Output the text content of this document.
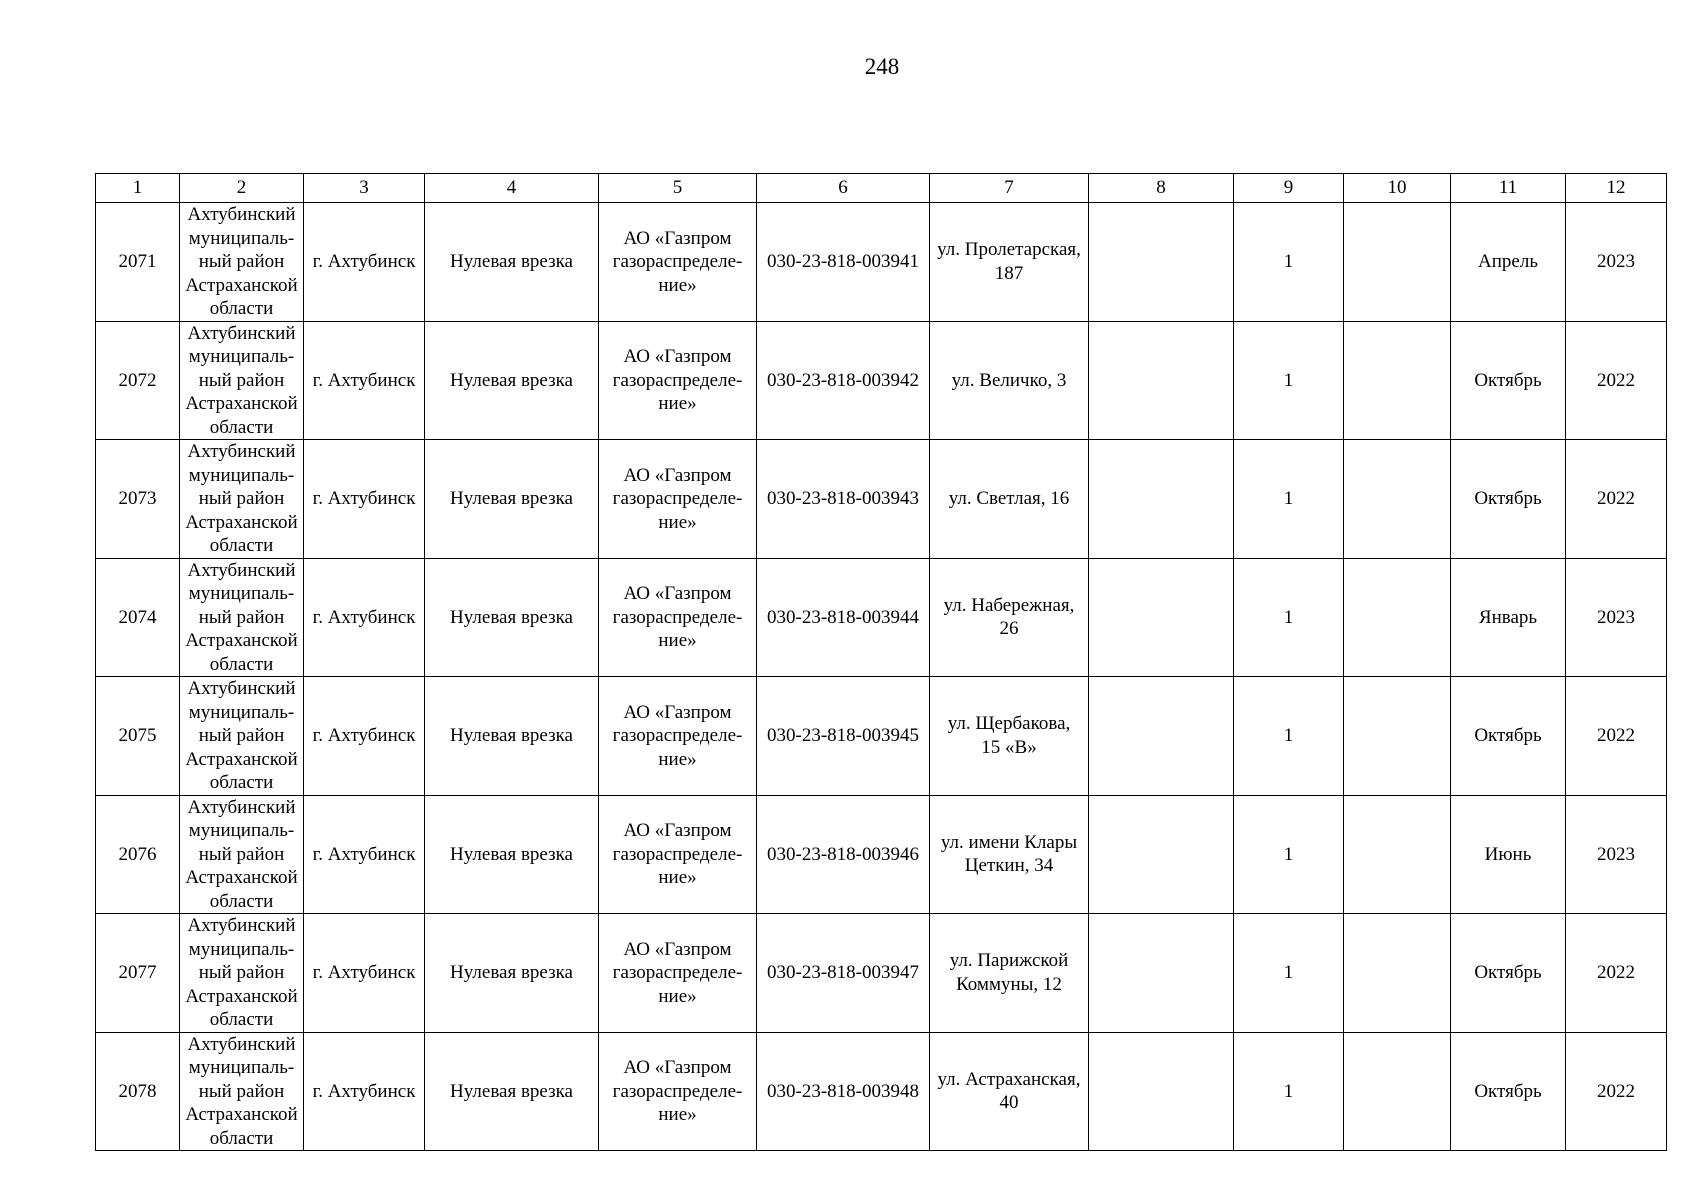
248
1	2	3	4	5	6	7	8	9	10	11	12
2071	Ахтубинский
муниципаль-
ный район
Астраханской
области	г. Ахтубинск	Нулевая врезка	АО «Газпром
газораспределе-
ние»	030-23-818-003941	ул. Пролетарская,
187		1		Апрель	2023
2072	Ахтубинский
муниципаль-
ный район
Астраханской
области	г. Ахтубинск	Нулевая врезка	АО «Газпром
газораспределе-
ние»	030-23-818-003942	ул. Величко, 3		1		Октябрь	2022
2073	Ахтубинский
муниципаль-
ный район
Астраханской
области	г. Ахтубинск	Нулевая врезка	АО «Газпром
газораспределе-
ние»	030-23-818-003943	ул. Светлая, 16		1		Октябрь	2022
2074	Ахтубинский
муниципаль-
ный район
Астраханской
области	г. Ахтубинск	Нулевая врезка	АО «Газпром
газораспределе-
ние»	030-23-818-003944	ул. Набережная,
26		1		Январь	2023
2075	Ахтубинский
муниципаль-
ный район
Астраханской
области	г. Ахтубинск	Нулевая врезка	АО «Газпром
газораспределе-
ние»	030-23-818-003945	ул. Щербакова,
15 «В»		1		Октябрь	2022
2076	Ахтубинский
муниципаль-
ный район
Астраханской
области	г. Ахтубинск	Нулевая врезка	АО «Газпром
газораспределе-
ние»	030-23-818-003946	ул. имени Клары
Цеткин, 34		1		Июнь	2023
2077	Ахтубинский
муниципаль-
ный район
Астраханской
области	г. Ахтубинск	Нулевая врезка	АО «Газпром
газораспределе-
ние»	030-23-818-003947	ул. Парижской
Коммуны, 12		1		Октябрь	2022
2078	Ахтубинский
муниципаль-
ный район
Астраханской
области	г. Ахтубинск	Нулевая врезка	АО «Газпром
газораспределе-
ние»	030-23-818-003948	ул. Астраханская,
40		1		Октябрь	2022
